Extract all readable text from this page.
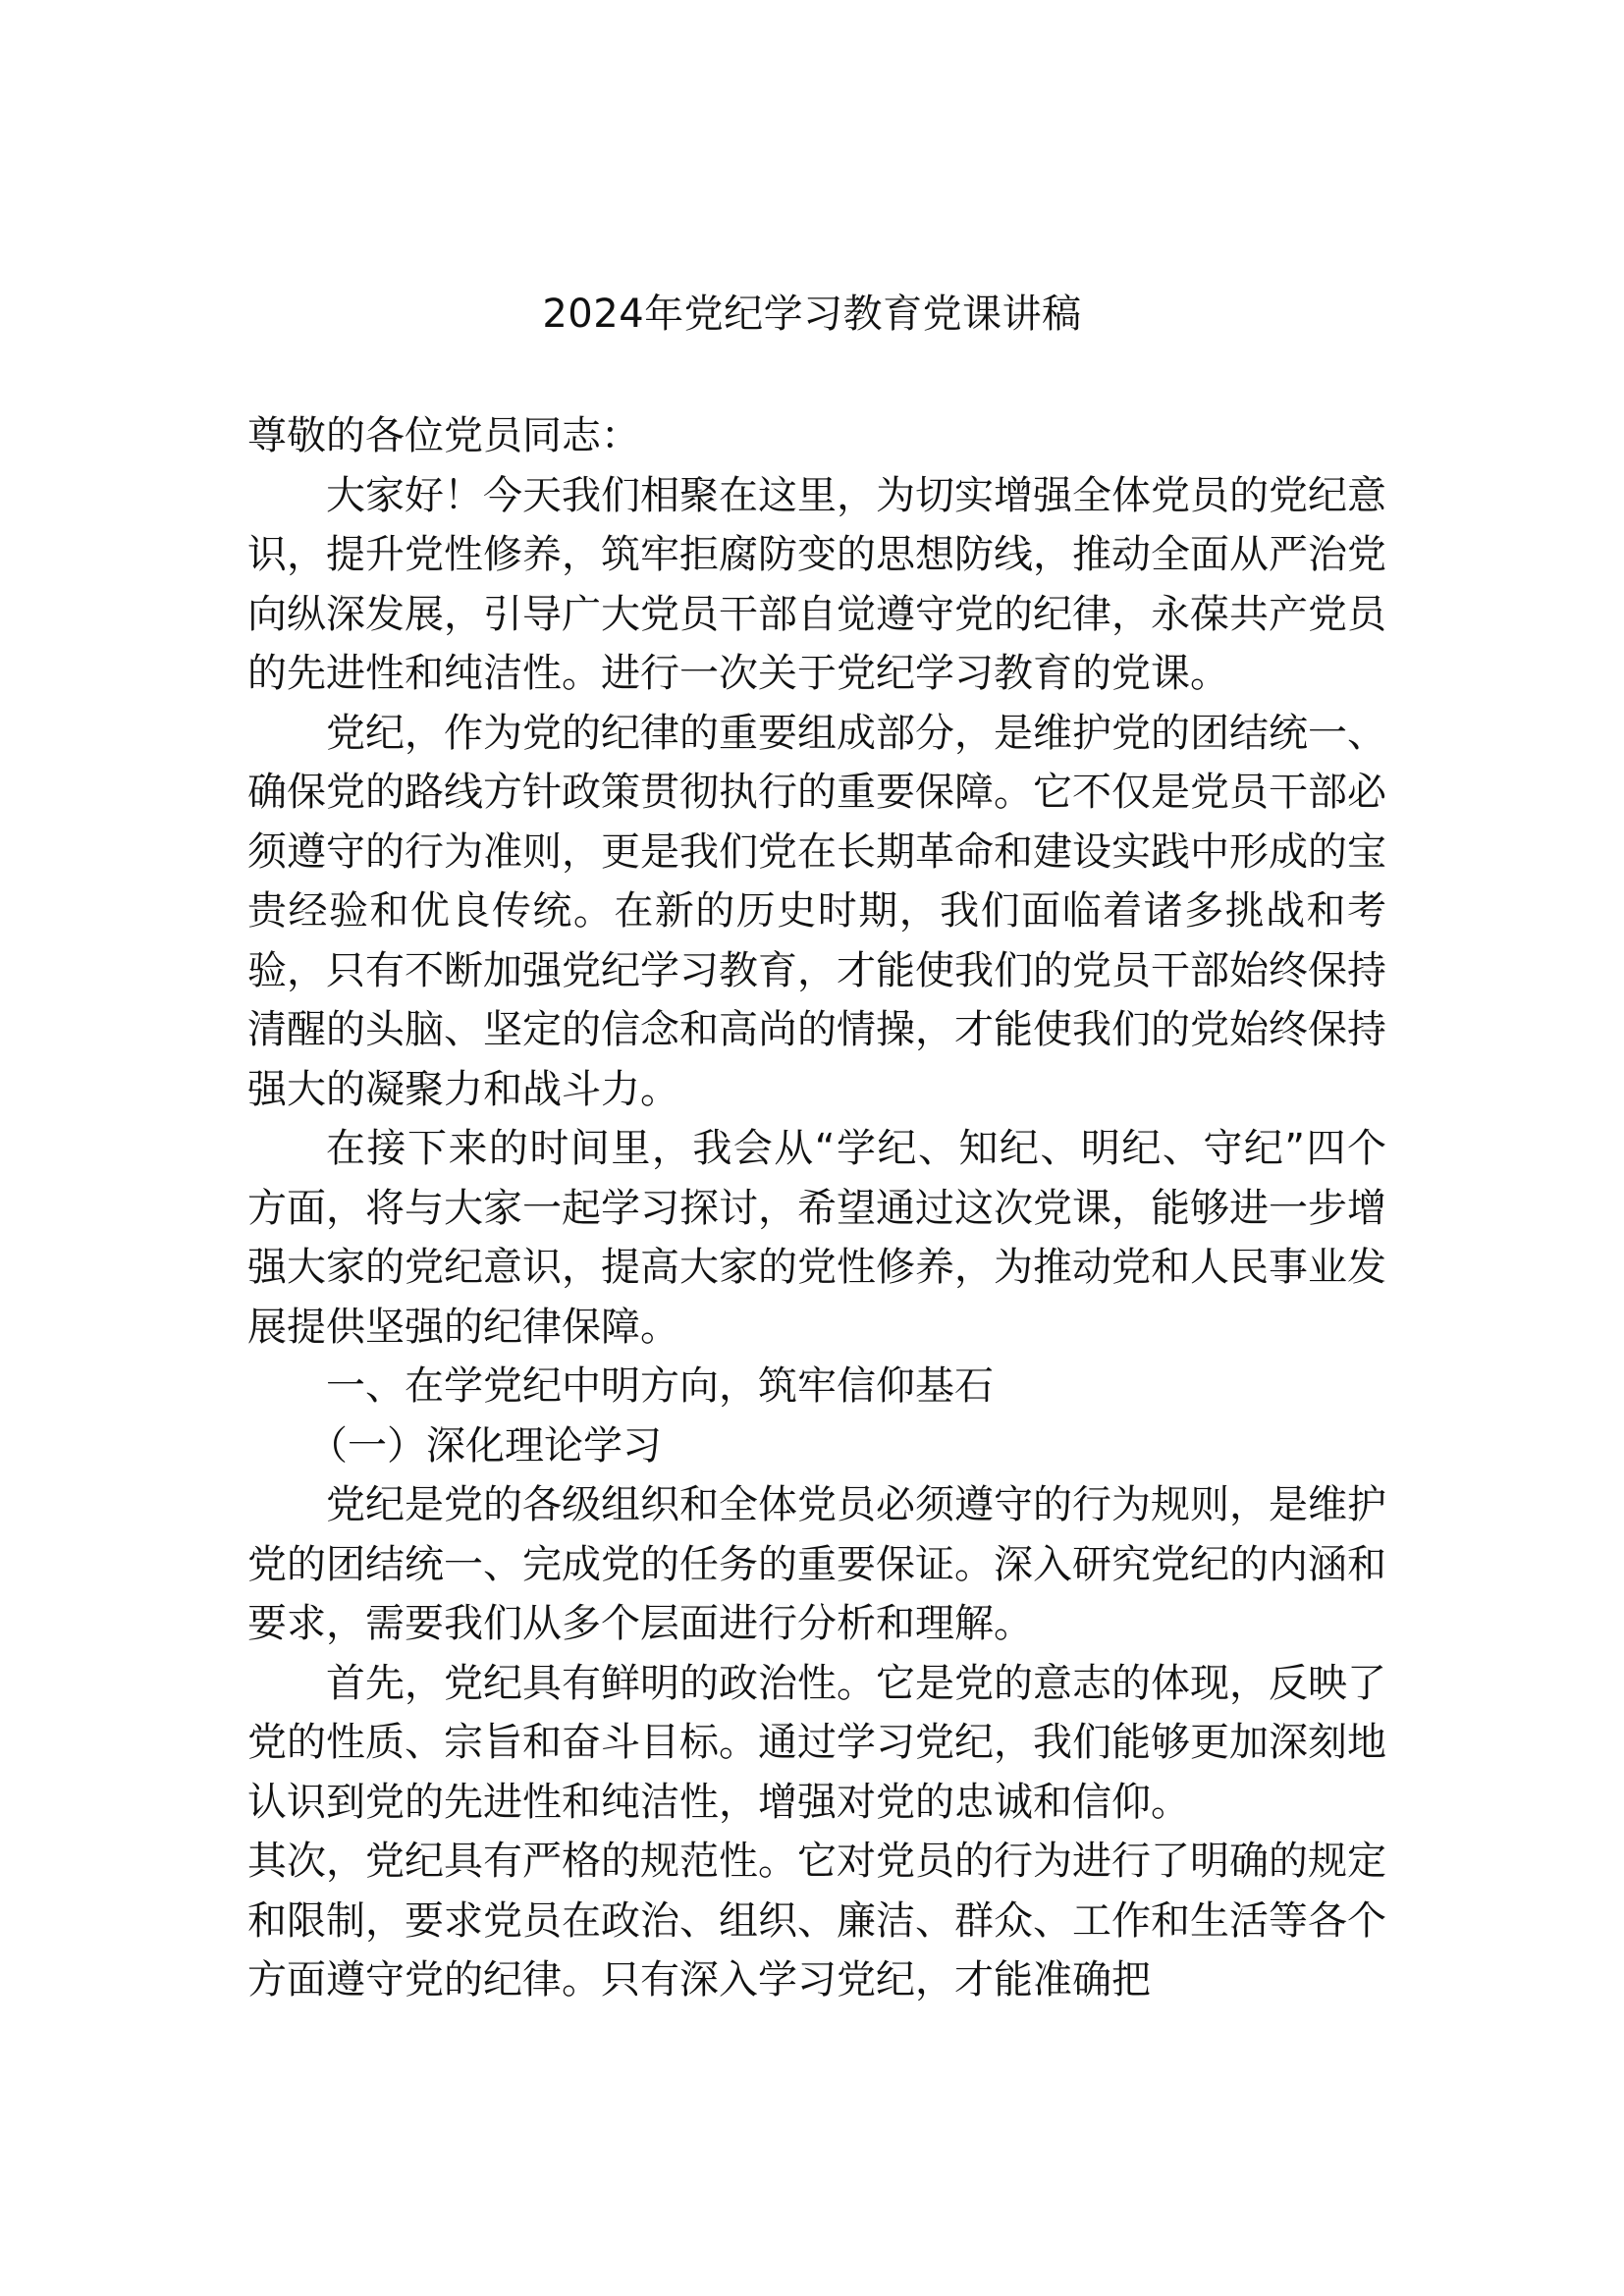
2024年党纪学习教育党课讲稿

尊敬的各位党员同志：

大家好！今天我们相聚在这里，为切实增强全体党员的党纪意识，提升党性修养，筑牢拒腐防变的思想防线，推动全面从严治党向纵深发展，引导广大党员干部自觉遵守党的纪律，永葆共产党员的先进性和纯洁性。进行一次关于党纪学习教育的党课。

党纪，作为党的纪律的重要组成部分，是维护党的团结统一、确保党的路线方针政策贯彻执行的重要保障。它不仅是党员干部必须遵守的行为准则，更是我们党在长期革命和建设实践中形成的宝贵经验和优良传统。在新的历史时期，我们面临着诸多挑战和考验，只有不断加强党纪学习教育，才能使我们的党员干部始终保持清醒的头脑、坚定的信念和高尚的情操，才能使我们的党始终保持强大的凝聚力和战斗力。

在接下来的时间里，我会从“学纪、知纪、明纪、守纪”四个方面，将与大家一起学习探讨，希望通过这次党课，能够进一步增强大家的党纪意识，提高大家的党性修养，为推动党和人民事业发展提供坚强的纪律保障。

一、在学党纪中明方向，筑牢信仰基石

（一）深化理论学习

党纪是党的各级组织和全体党员必须遵守的行为规则，是维护党的团结统一、完成党的任务的重要保证。深入研究党纪的内涵和要求，需要我们从多个层面进行分析和理解。

首先，党纪具有鲜明的政治性。它是党的意志的体现，反映了党的性质、宗旨和奋斗目标。通过学习党纪，我们能够更加深刻地认识到党的先进性和纯洁性，增强对党的忠诚和信仰。

其次，党纪具有严格的规范性。它对党员的行为进行了明确的规定和限制，要求党员在政治、组织、廉洁、群众、工作和生活等各个方面遵守党的纪律。只有深入学习党纪，才能准确把
